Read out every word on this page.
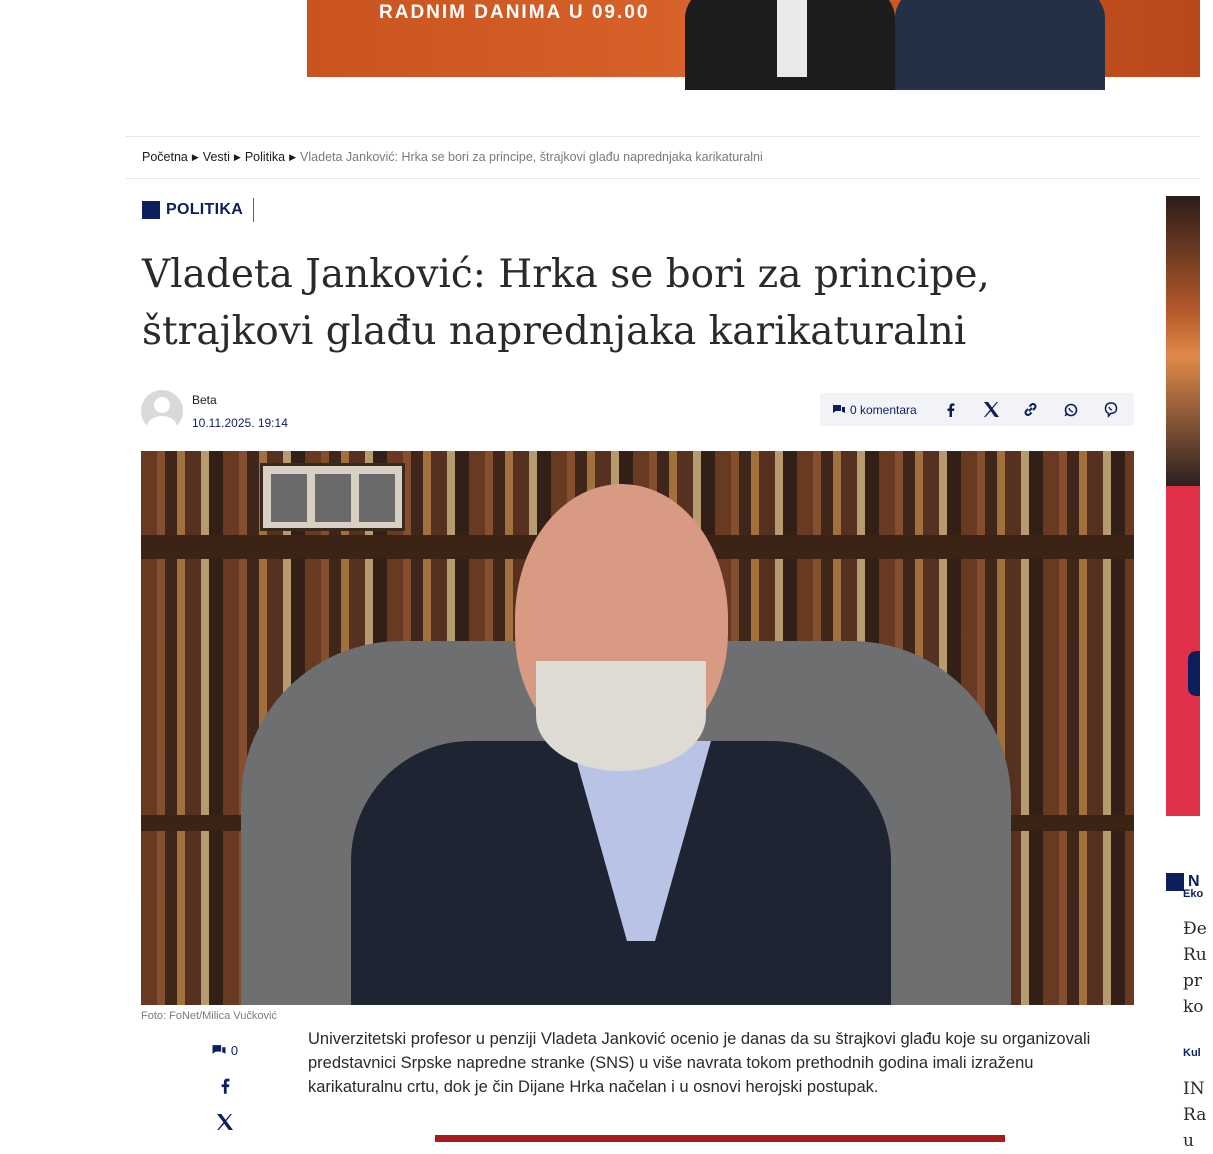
RADNIM DANIMA U 09.00
Početna ▶ Vesti ▶ Politika ▶ Vladeta Janković: Hrka se bori za principe, štrajkovi glađu naprednjaka karikaturalni
POLITIKA
Vladeta Janković: Hrka se bori za principe,
štrajkovi glađu naprednjaka karikaturalni
Beta
10.11.2025. 19:14
0 komentara
Foto: FoNet/Milica Vučković
0

Univerzitetski profesor u penziji Vladeta Janković ocenio je danas da su štrajkovi glađu koje su organizovali predstavnici Srpske napredne stranke (SNS) u više navrata tokom prethodnih godina imali izraženu karikaturalnu crtu, dok je čin Dijane Hrka načelan i u osnovi herojski postupak.

N
Eko
Đe
Ru
pr
ko
Kul
IN
Ra
u
